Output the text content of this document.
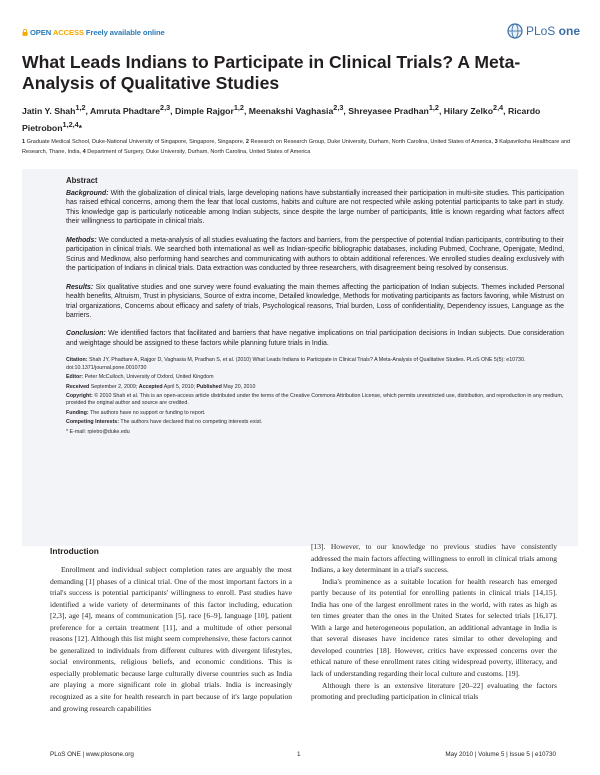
OPEN ACCESS Freely available online	PLoS
one
What Leads Indians to Participate in Clinical Trials? A Meta-Analysis of Qualitative Studies
Jatin Y. Shah$^{1,2}$, Amruta Phadtare$^{2,3}$, Dimple Rajgor$^{1,2}$, Meenakshi Vaghasia$^{2,3}$, Shreyasee Pradhan$^{1,2}$, Hilary Zelko$^{2,4}$, Ricardo Pietrobon$^{1,2,4}$*
1 Graduate Medical School, Duke-National University of Singapore, Singapore, Singapore, 2 Research on Research Group, Duke University, Durham, North Carolina, United States of America, 3 Kalpavriksha Healthcare and Research, Thane, India, 4 Department of Surgery, Duke University, Durham, North Carolina, United States of America
Abstract

Background: With the globalization of clinical trials, large developing nations have substantially increased their participation in multi-site studies. This participation has raised ethical concerns, among them the fear that local customs, habits and culture are not respected while asking potential participants to take part in study. This knowledge gap is particularly noticeable among Indian subjects, since despite the large number of participants, little is known regarding what factors affect their willingness to participate in clinical trials.

Methods: We conducted a meta-analysis of all studies evaluating the factors and barriers, from the perspective of potential Indian participants, contributing to their participation in clinical trials. We searched both international as well as Indian-specific bibliographic databases, including Pubmed, Cochrane, Openjgate, MedInd, Scirus and Medknow, also performing hand searches and communicating with authors to obtain additional references. We enrolled studies dealing exclusively with the participation of Indians in clinical trials. Data extraction was conducted by three researchers, with disagreement being resolved by consensus.

Results: Six qualitative studies and one survey were found evaluating the main themes affecting the participation of Indian subjects. Themes included Personal health benefits, Altruism, Trust in physicians, Source of extra income, Detailed knowledge, Methods for motivating participants as factors favoring, while Mistrust on trial organizations, Concerns about efficacy and safety of trials, Psychological reasons, Trial burden, Loss of confidentiality, Dependency issues, Language as the barriers.

Conclusion: We identified factors that facilitated and barriers that have negative implications on trial participation decisions in Indian subjects. Due consideration and weightage should be assigned to these factors while planning future trials in India.

Citation: Shah JY, Phadtare A, Rajgor D, Vaghasia M, Pradhan S, et al. (2010) What Leads Indians to Participate in Clinical Trials? A Meta-Analysis of Qualitative Studies. PLoS ONE 5(5): e10730. doi:10.1371/journal.pone.0010730

Editor: Peter McCulloch, University of Oxford, United Kingdom

Received September 2, 2009; Accepted April 5, 2010; Published May 20, 2010

Copyright: © 2010 Shah et al. This is an open-access article distributed under the terms of the Creative Commons Attribution License, which permits unrestricted use, distribution, and reproduction in any medium, provided the original author and source are credited.

Funding: The authors have no support or funding to report.

Competing Interests: The authors have declared that no competing interests exist.

* E-mail: rpietro@duke.edu

Introduction

Enrollment and individual subject completion rates are arguably the most demanding [1] phases of a clinical trial. One of the most important factors in a trial's success is potential participants' willingness to enroll. Past studies have identified a wide variety of determinants of this factor including, education [2,3], age [4], means of communication [5], race [6–9], language [10], patient preference for a certain treatment [11], and a multitude of other personal reasons [12]. Although this list might seem comprehensive, these factors cannot be generalized to individuals from different cultures with divergent lifestyles, social environments, religious beliefs, and economic conditions. This is especially problematic because large culturally diverse countries such as India are playing a more significant role in global trials. India is increasingly recognized as a site for health research in part because of it's large population and growing research capabilities

[13]. However, to our knowledge no previous studies have consistently addressed the main factors affecting willingness to enroll in clinical trials among Indians, a key determinant in a trial's success.

India's prominence as a suitable location for health research has emerged partly because of its potential for enrolling patients in clinical trials [14,15]. India has one of the largest enrollment rates in the world, with rates as high as ten times greater than the ones in the United States for selected trials [16,17]. With a large and heterogeneous population, an additional advantage in India is that several diseases have incidence rates similar to other developing and developed countries [18]. However, critics have expressed concerns over the ethical nature of these enrollment rates citing widespread poverty, illiteracy, and lack of understanding regarding their local culture and customs. [19].

Although there is an extensive literature [20–22] evaluating the factors promoting and precluding participation in clinical trials

PLoS ONE | www.plosone.org	1	May 2010 | Volume 5 | Issue 5 | e10730
